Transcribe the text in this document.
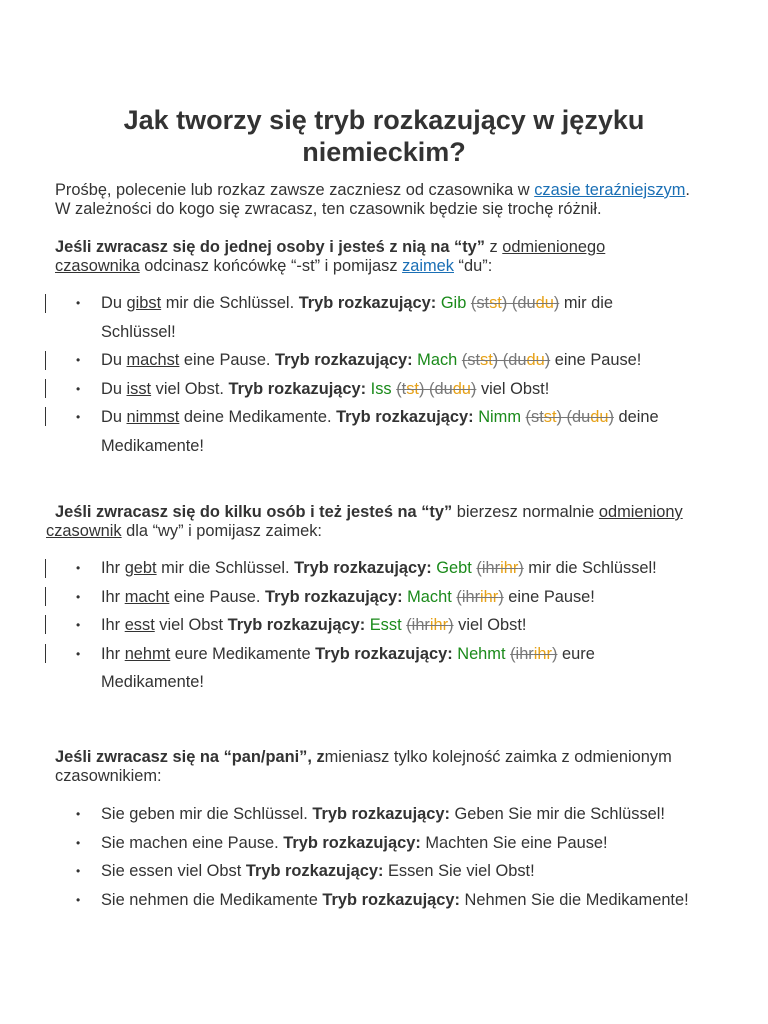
Jak tworzy się tryb rozkazujący w języku niemieckim?
Prośbę, polecenie lub rozkaz zawsze zaczniesz od czasownika w czasie teraźniejszym.
W zależności do kogo się zwracasz, ten czasownik będzie się trochę różnił.
Jeśli zwracasz się do jednej osoby i jesteś z nią na “ty” z odmienionego
czasownika odcinasz końcówkę “-st” i pomijasz zaimek “du”:
• Du gibst mir die Schlüssel. Tryb rozkazujący: Gib (stst) (dudu) mir die
Schlüssel!
• Du machst eine Pause. Tryb rozkazujący: Mach (stst) (dudu) eine Pause!
• Du isst viel Obst. Tryb rozkazujący: Iss (tst) (dudu) viel Obst!
• Du nimmst deine Medikamente. Tryb rozkazujący: Nimm (stst) (dudu) deine
Medikamente!
Jeśli zwracasz się do kilku osób i też jesteś na “ty” bierzesz normalnie odmieniony
czasownik dla “wy” i pomijasz zaimek:
• Ihr gebt mir die Schlüssel. Tryb rozkazujący: Gebt (ihrihr) mir die Schlüssel!
• Ihr macht eine Pause. Tryb rozkazujący: Macht (ihrihr) eine Pause!
• Ihr esst viel Obst Tryb rozkazujący: Esst (ihrihr) viel Obst!
• Ihr nehmt eure Medikamente Tryb rozkazujący: Nehmt (ihrihr) eure
Medikamente!
Jeśli zwracasz się na “pan/pani”, zmieniasz tylko kolejność zaimka z odmienionym
czasownikiem:
• Sie geben mir die Schlüssel. Tryb rozkazujący: Geben Sie mir die Schlüssel!
• Sie machen eine Pause. Tryb rozkazujący: Machten Sie eine Pause!
• Sie essen viel Obst Tryb rozkazujący: Essen Sie viel Obst!
• Sie nehmen die Medikamente Tryb rozkazujący: Nehmen Sie die Medikamente!
